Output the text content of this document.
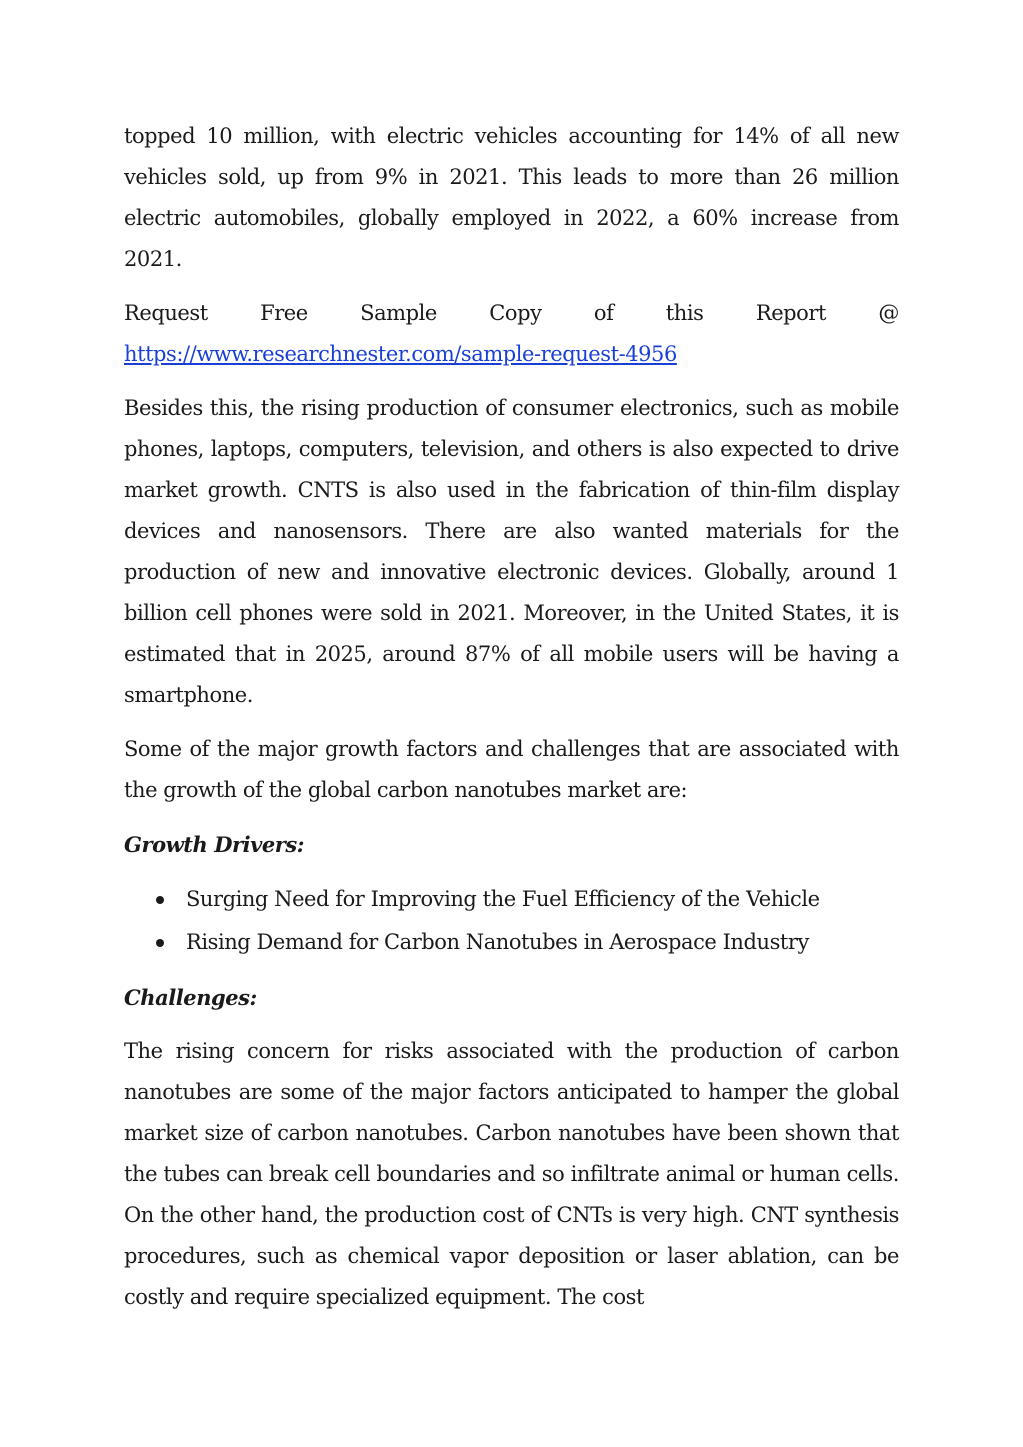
topped 10 million, with electric vehicles accounting for 14% of all new vehicles sold, up from 9% in 2021. This leads to more than 26 million electric automobiles, globally employed in 2022, a 60% increase from 2021.

Request Free Sample Copy of this Report @
https://www.researchnester.com/sample-request-4956

Besides this, the rising production of consumer electronics, such as mobile phones, laptops, computers, television, and others is also expected to drive market growth. CNTS is also used in the fabrication of thin-film display devices and nanosensors. There are also wanted materials for the production of new and innovative electronic devices. Globally, around 1 billion cell phones were sold in 2021. Moreover, in the United States, it is estimated that in 2025, around 87% of all mobile users will be having a smartphone.

Some of the major growth factors and challenges that are associated with the growth of the global carbon nanotubes market are:

Growth Drivers:
Surging Need for Improving the Fuel Efficiency of the Vehicle
Rising Demand for Carbon Nanotubes in Aerospace Industry
Challenges:

The rising concern for risks associated with the production of carbon nanotubes are some of the major factors anticipated to hamper the global market size of carbon nanotubes. Carbon nanotubes have been shown that the tubes can break cell boundaries and so infiltrate animal or human cells. On the other hand, the production cost of CNTs is very high. CNT synthesis procedures, such as chemical vapor deposition or laser ablation, can be costly and require specialized equipment. The cost
